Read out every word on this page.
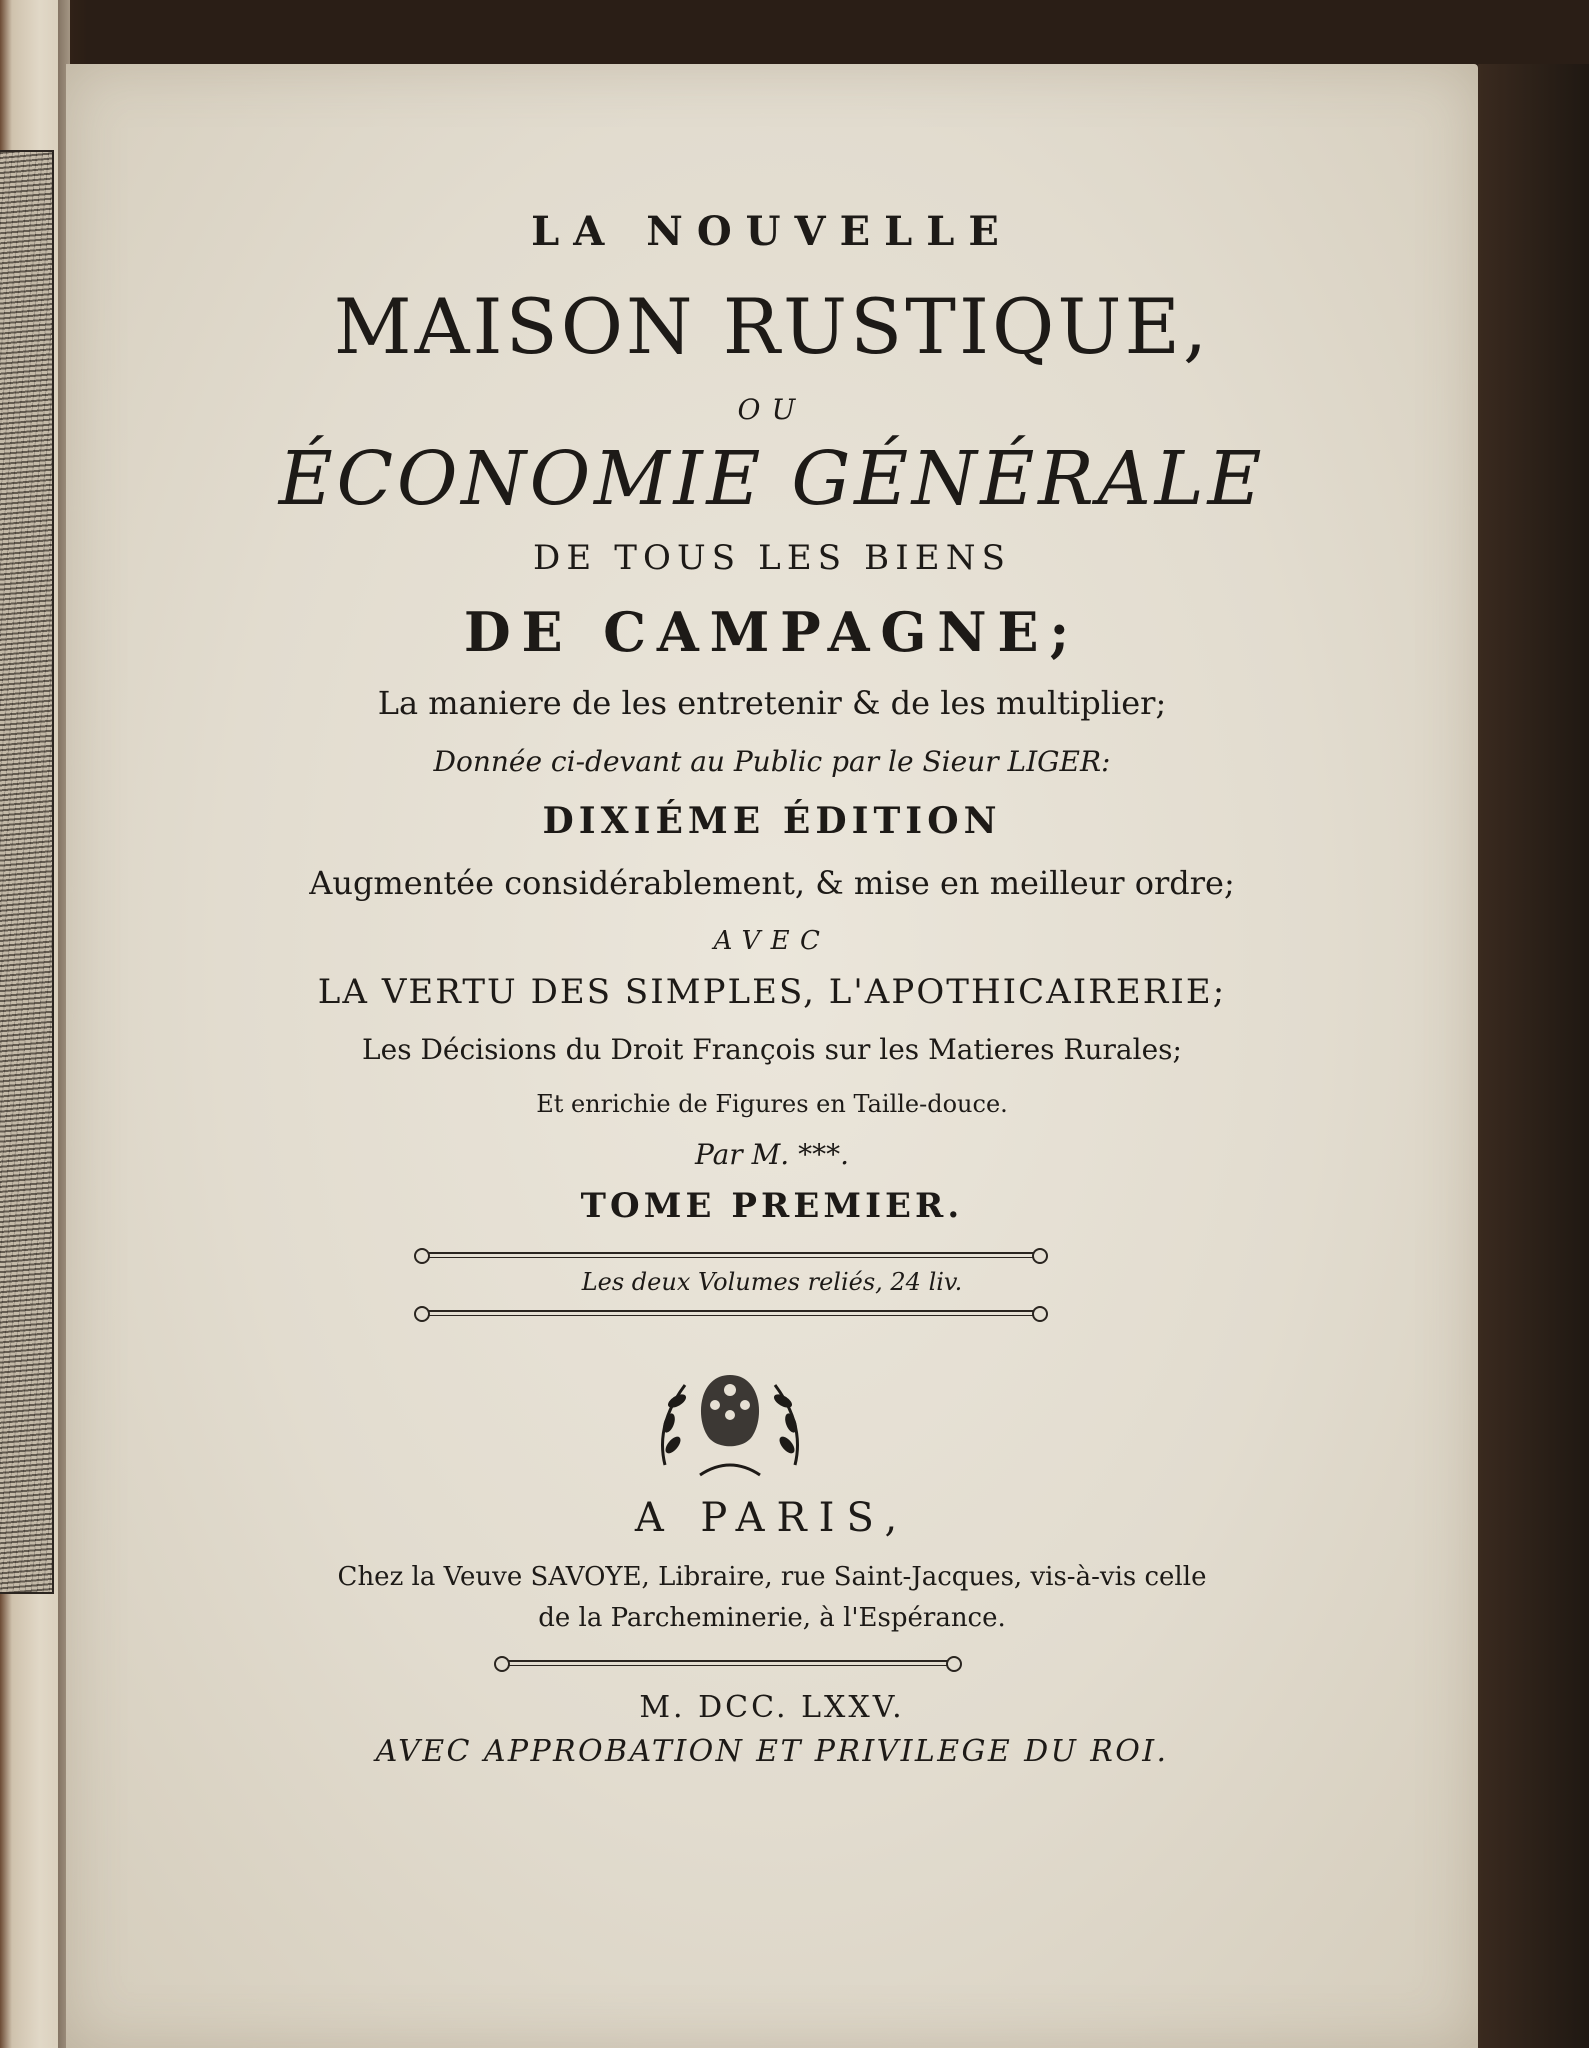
LA NOUVELLE

MAISON RUSTIQUE,

OU

ÉCONOMIE GÉNÉRALE

DE TOUS LES BIENS

DE CAMPAGNE;

La maniere de les entretenir & de les multiplier;

Donnée ci-devant au Public par le Sieur LIGER:

DIXIÉME ÉDITION

Augmentée considérablement, & mise en meilleur ordre;

AVEC

LA VERTU DES SIMPLES, L'APOTHICAIRERIE;

Les Décisions du Droit François sur les Matieres Rurales;

Et enrichie de Figures en Taille-douce.

Par M. ***.

TOME PREMIER.

Les deux Volumes reliés, 24 liv.

A PARIS,

Chez la Veuve SAVOYE, Libraire, rue Saint-Jacques, vis-à-vis celle

de la Parcheminerie, à l'Espérance.

M. DCC. LXXV.

AVEC APPROBATION ET PRIVILEGE DU ROI.
